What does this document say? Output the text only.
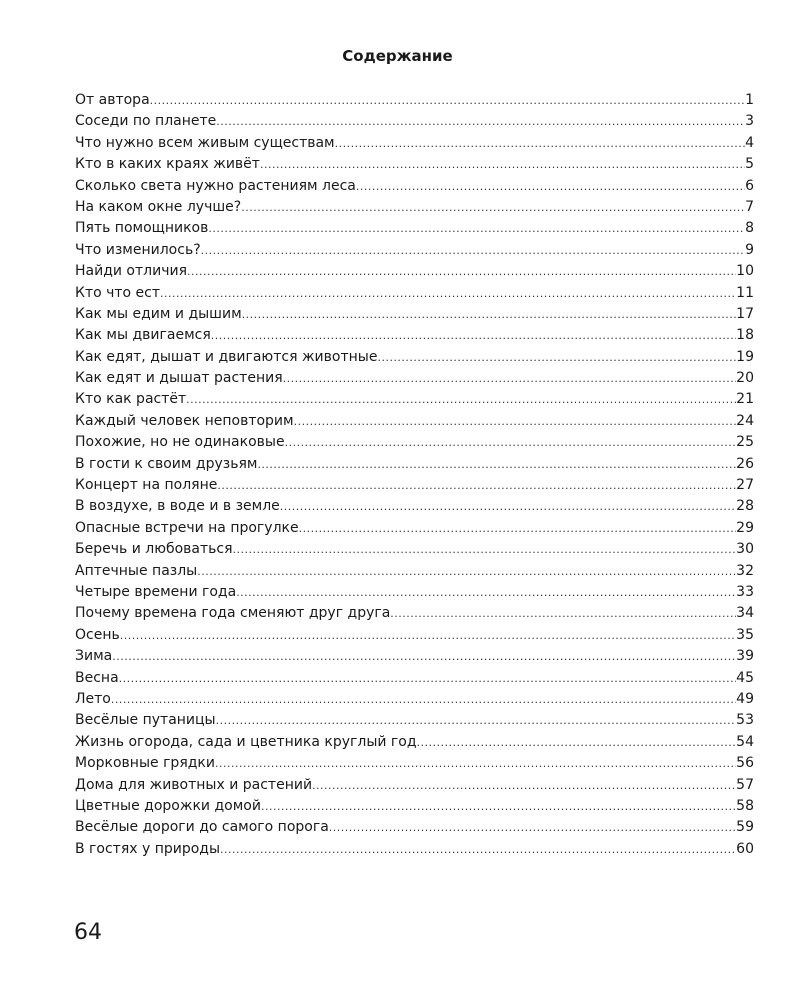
Содержание
От автора .....	1
Соседи по планете .....	3
Что нужно всем живым существам .....	4
Кто в каких краях живёт .....	5
Сколько света нужно растениям леса .....	6
На каком окне лучше? .....	7
Пять помощников .....	8
Что изменилось? .....	9
Найди отличия .....	10
Кто что ест .....	11
Как мы едим и дышим .....	17
Как мы двигаемся .....	18
Как едят, дышат и двигаются животные .....	19
Как едят и дышат растения .....	20
Кто как растёт .....	21
Каждый человек неповторим .....	24
Похожие, но не одинаковые .....	25
В гости к своим друзьям .....	26
Концерт на поляне .....	27
В воздухе, в воде и в земле .....	28
Опасные встречи на прогулке .....	29
Беречь и любоваться .....	30
Аптечные пазлы .....	32
Четыре времени года .....	33
Почему времена года сменяют друг друга .....	34
Осень .....	35
Зима .....	39
Весна .....	45
Лето .....	49
Весёлые путаницы .....	53
Жизнь огорода, сада и цветника круглый год .....	54
Морковные грядки .....	56
Дома для животных и растений .....	57
Цветные дорожки домой .....	58
Весёлые дороги до самого порога .....	59
В гостях у природы .....	60
64
